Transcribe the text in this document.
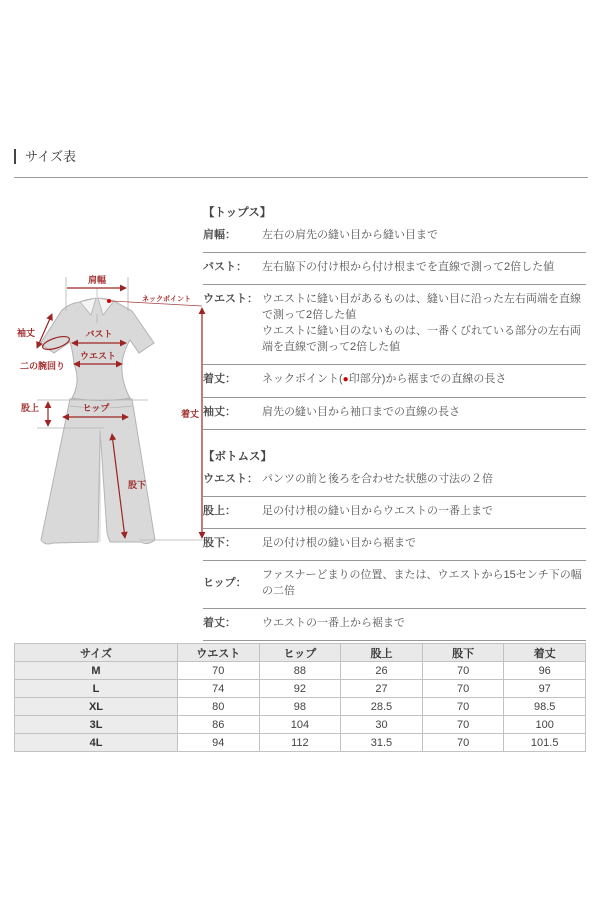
サイズ表
肩幅
ネックポイント
袖丈
二の腕回り
バスト
ウエスト
股上	ヒップ
股下
着丈
【トップス】
肩幅：	左右の肩先の縫い目から縫い目まで
バスト：	左右脇下の付け根から付け根までを直線で測って2倍した値
ウエスト： ウエストに縫い目があるものは、縫い目に沿った左右両端を直線で測って2倍した値

ウエストに縫い目のないものは、一番くびれている部分の左右両端を直線で測って2倍した値

着丈：	ネックポイント(●印部分)から裾までの直線の長さ
袖丈：	肩先の縫い目から袖口までの直線の長さ
【ボトムス】
ウエスト： パンツの前と後ろを合わせた状態の寸法の２倍
股上：	足の付け根の縫い目からウエストの一番上まで
股下：	足の付け根の縫い目から裾まで
ヒップ：
ファスナーどまりの位置、または、ウエストから15センチ下の幅の二倍
着丈：	ウエストの一番上から裾まで
サイズ	ウエスト	ヒップ	股上	股下	着丈
M	70	88	26	70	96
L	74	92	27	70	97
XL	80	98	28.5	70	98.5
3L	86	104	30	70	100
4L	94	112	31.5	70	101.5
